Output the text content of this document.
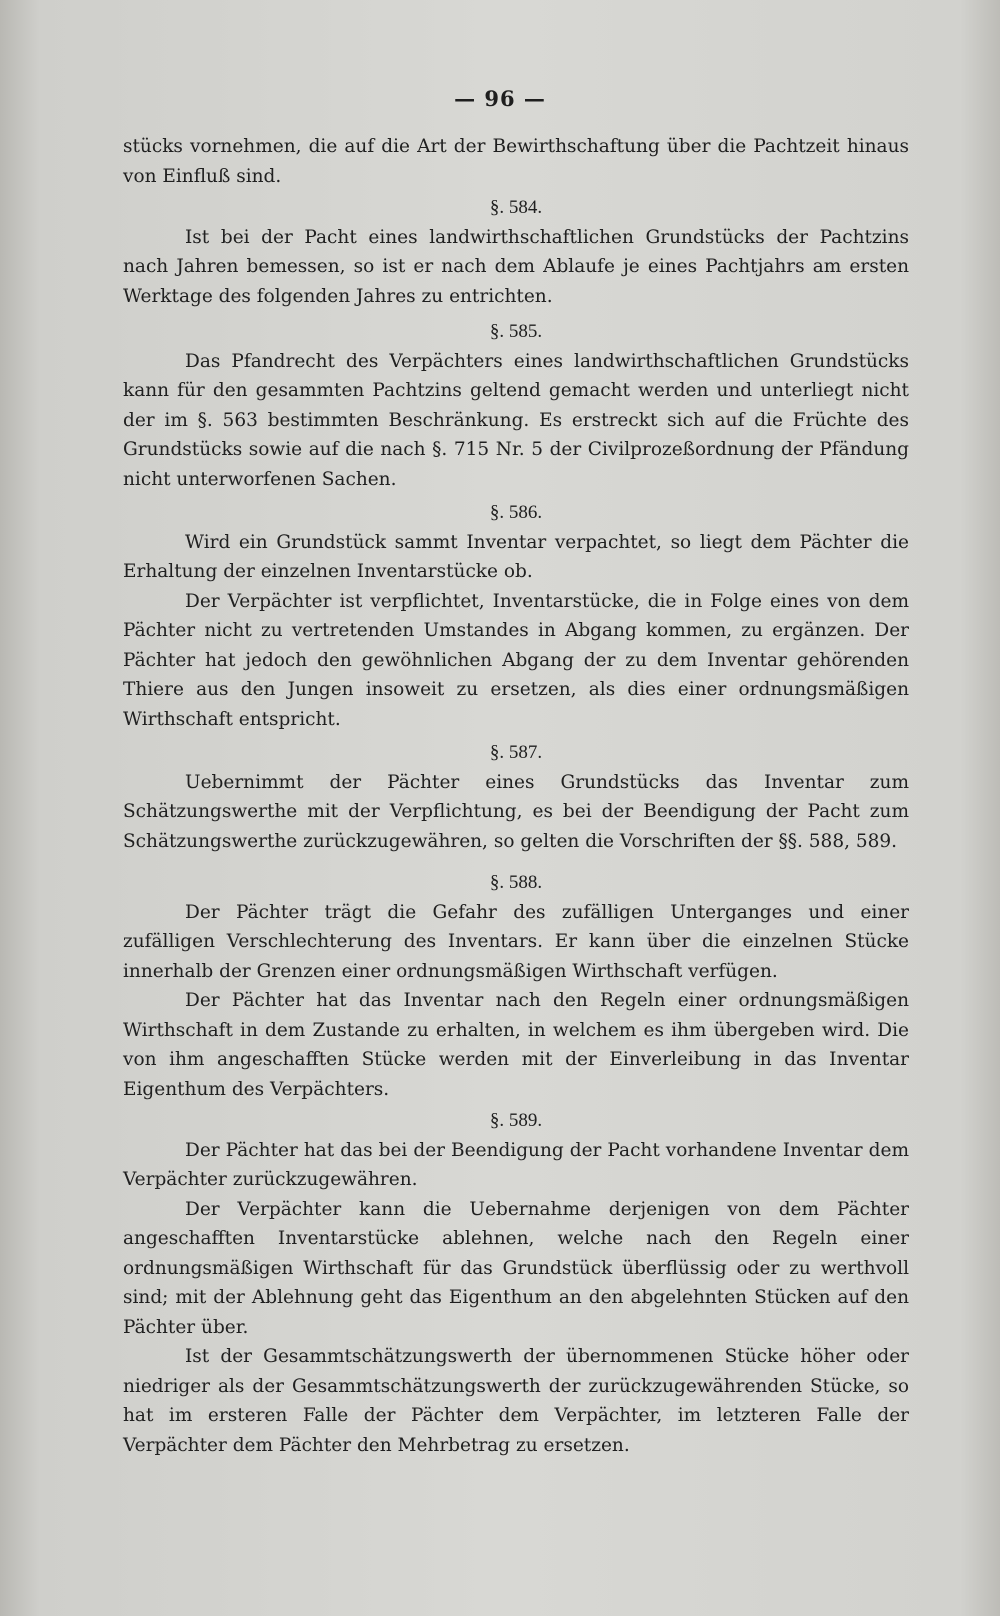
— 96 —

stücks vornehmen, die auf die Art der Bewirthschaftung über die Pachtzeit hinaus von Einfluß sind.

§. 584.

Ist bei der Pacht eines landwirthschaftlichen Grundstücks der Pachtzins nach Jahren bemessen, so ist er nach dem Ablaufe je eines Pachtjahrs am ersten Werktage des folgenden Jahres zu entrichten.

§. 585.

Das Pfandrecht des Verpächters eines landwirthschaftlichen Grundstücks kann für den gesammten Pachtzins geltend gemacht werden und unterliegt nicht der im §. 563 bestimmten Beschränkung. Es erstreckt sich auf die Früchte des Grundstücks sowie auf die nach §. 715 Nr. 5 der Civilprozeßordnung der Pfändung nicht unterworfenen Sachen.

§. 586.

Wird ein Grundstück sammt Inventar verpachtet, so liegt dem Pächter die Erhaltung der einzelnen Inventarstücke ob.

Der Verpächter ist verpflichtet, Inventarstücke, die in Folge eines von dem Pächter nicht zu vertretenden Umstandes in Abgang kommen, zu ergänzen. Der Pächter hat jedoch den gewöhnlichen Abgang der zu dem Inventar gehörenden Thiere aus den Jungen insoweit zu ersetzen, als dies einer ordnungsmäßigen Wirthschaft entspricht.

§. 587.

Uebernimmt der Pächter eines Grundstücks das Inventar zum Schätzungswerthe mit der Verpflichtung, es bei der Beendigung der Pacht zum Schätzungswerthe zurückzugewähren, so gelten die Vorschriften der §§. 588, 589.

§. 588.

Der Pächter trägt die Gefahr des zufälligen Unterganges und einer zufälligen Verschlechterung des Inventars. Er kann über die einzelnen Stücke innerhalb der Grenzen einer ordnungsmäßigen Wirthschaft verfügen.

Der Pächter hat das Inventar nach den Regeln einer ordnungsmäßigen Wirthschaft in dem Zustande zu erhalten, in welchem es ihm übergeben wird. Die von ihm angeschafften Stücke werden mit der Einverleibung in das Inventar Eigenthum des Verpächters.

§. 589.

Der Pächter hat das bei der Beendigung der Pacht vorhandene Inventar dem Verpächter zurückzugewähren.

Der Verpächter kann die Uebernahme derjenigen von dem Pächter angeschafften Inventarstücke ablehnen, welche nach den Regeln einer ordnungsmäßigen Wirthschaft für das Grundstück überflüssig oder zu werthvoll sind; mit der Ablehnung geht das Eigenthum an den abgelehnten Stücken auf den Pächter über.

Ist der Gesammtschätzungswerth der übernommenen Stücke höher oder niedriger als der Gesammtschätzungswerth der zurückzugewährenden Stücke, so hat im ersteren Falle der Pächter dem Verpächter, im letzteren Falle der Verpächter dem Pächter den Mehrbetrag zu ersetzen.
